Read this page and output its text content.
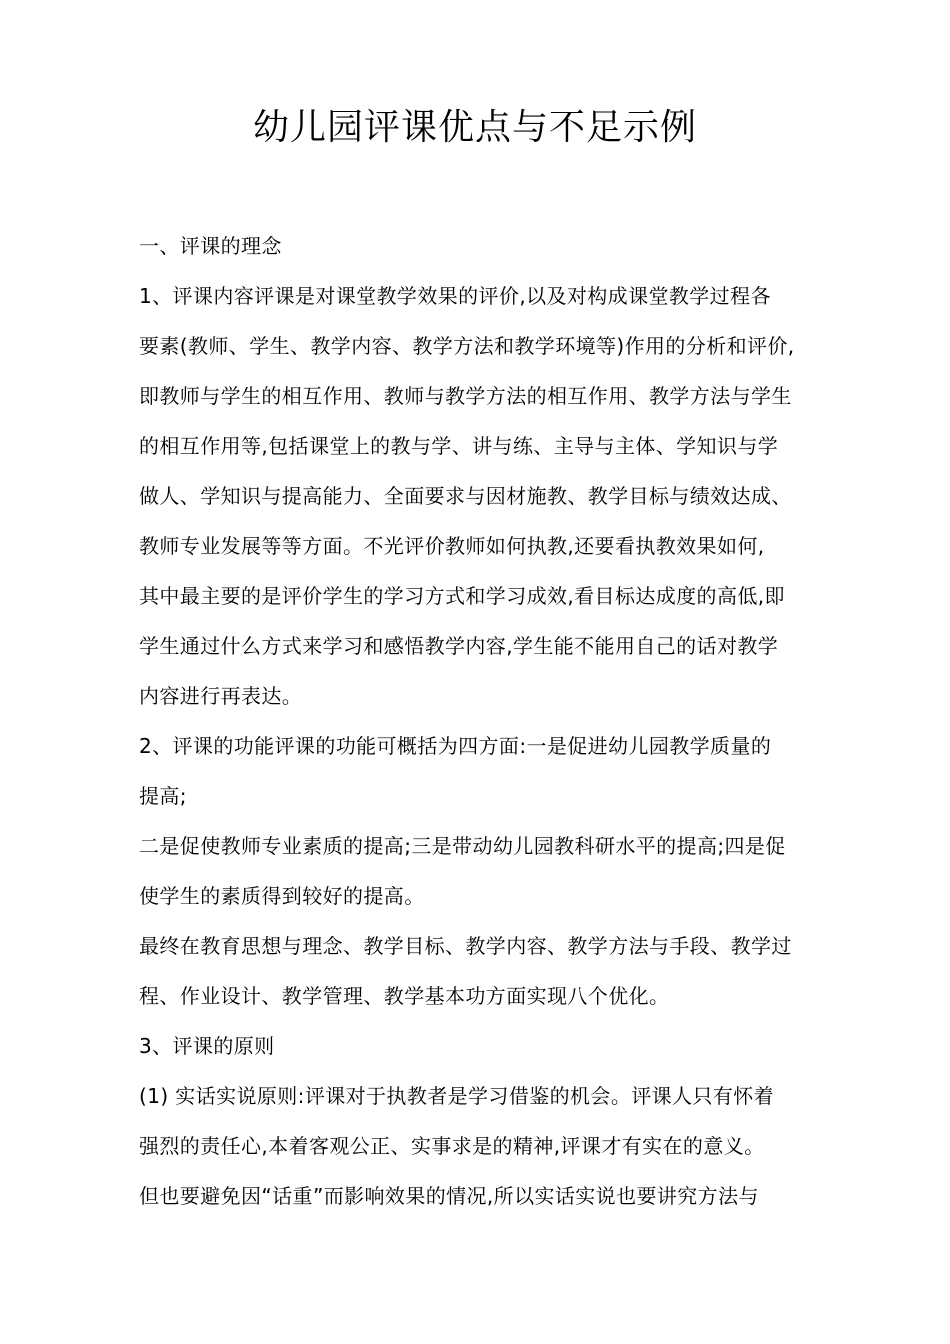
幼儿园评课优点与不足示例

一、评课的理念

1、评课内容评课是对课堂教学效果的评价,以及对构成课堂教学过程各

要素(教师、学生、教学内容、教学方法和教学环境等)作用的分析和评价,

即教师与学生的相互作用、教师与教学方法的相互作用、教学方法与学生

的相互作用等,包括课堂上的教与学、讲与练、主导与主体、学知识与学

做人、学知识与提高能力、全面要求与因材施教、教学目标与绩效达成、

教师专业发展等等方面。不光评价教师如何执教,还要看执教效果如何,

其中最主要的是评价学生的学习方式和学习成效,看目标达成度的高低,即

学生通过什么方式来学习和感悟教学内容,学生能不能用自己的话对教学

内容进行再表达。

2、评课的功能评课的功能可概括为四方面:一是促进幼儿园教学质量的

提高;

二是促使教师专业素质的提高;三是带动幼儿园教科研水平的提高;四是促

使学生的素质得到较好的提高。

最终在教育思想与理念、教学目标、教学内容、教学方法与手段、教学过

程、作业设计、教学管理、教学基本功方面实现八个优化。

3、评课的原则

(1) 实话实说原则:评课对于执教者是学习借鉴的机会。评课人只有怀着

强烈的责任心,本着客观公正、实事求是的精神,评课才有实在的意义。

但也要避免因“话重”而影响效果的情况,所以实话实说也要讲究方法与
